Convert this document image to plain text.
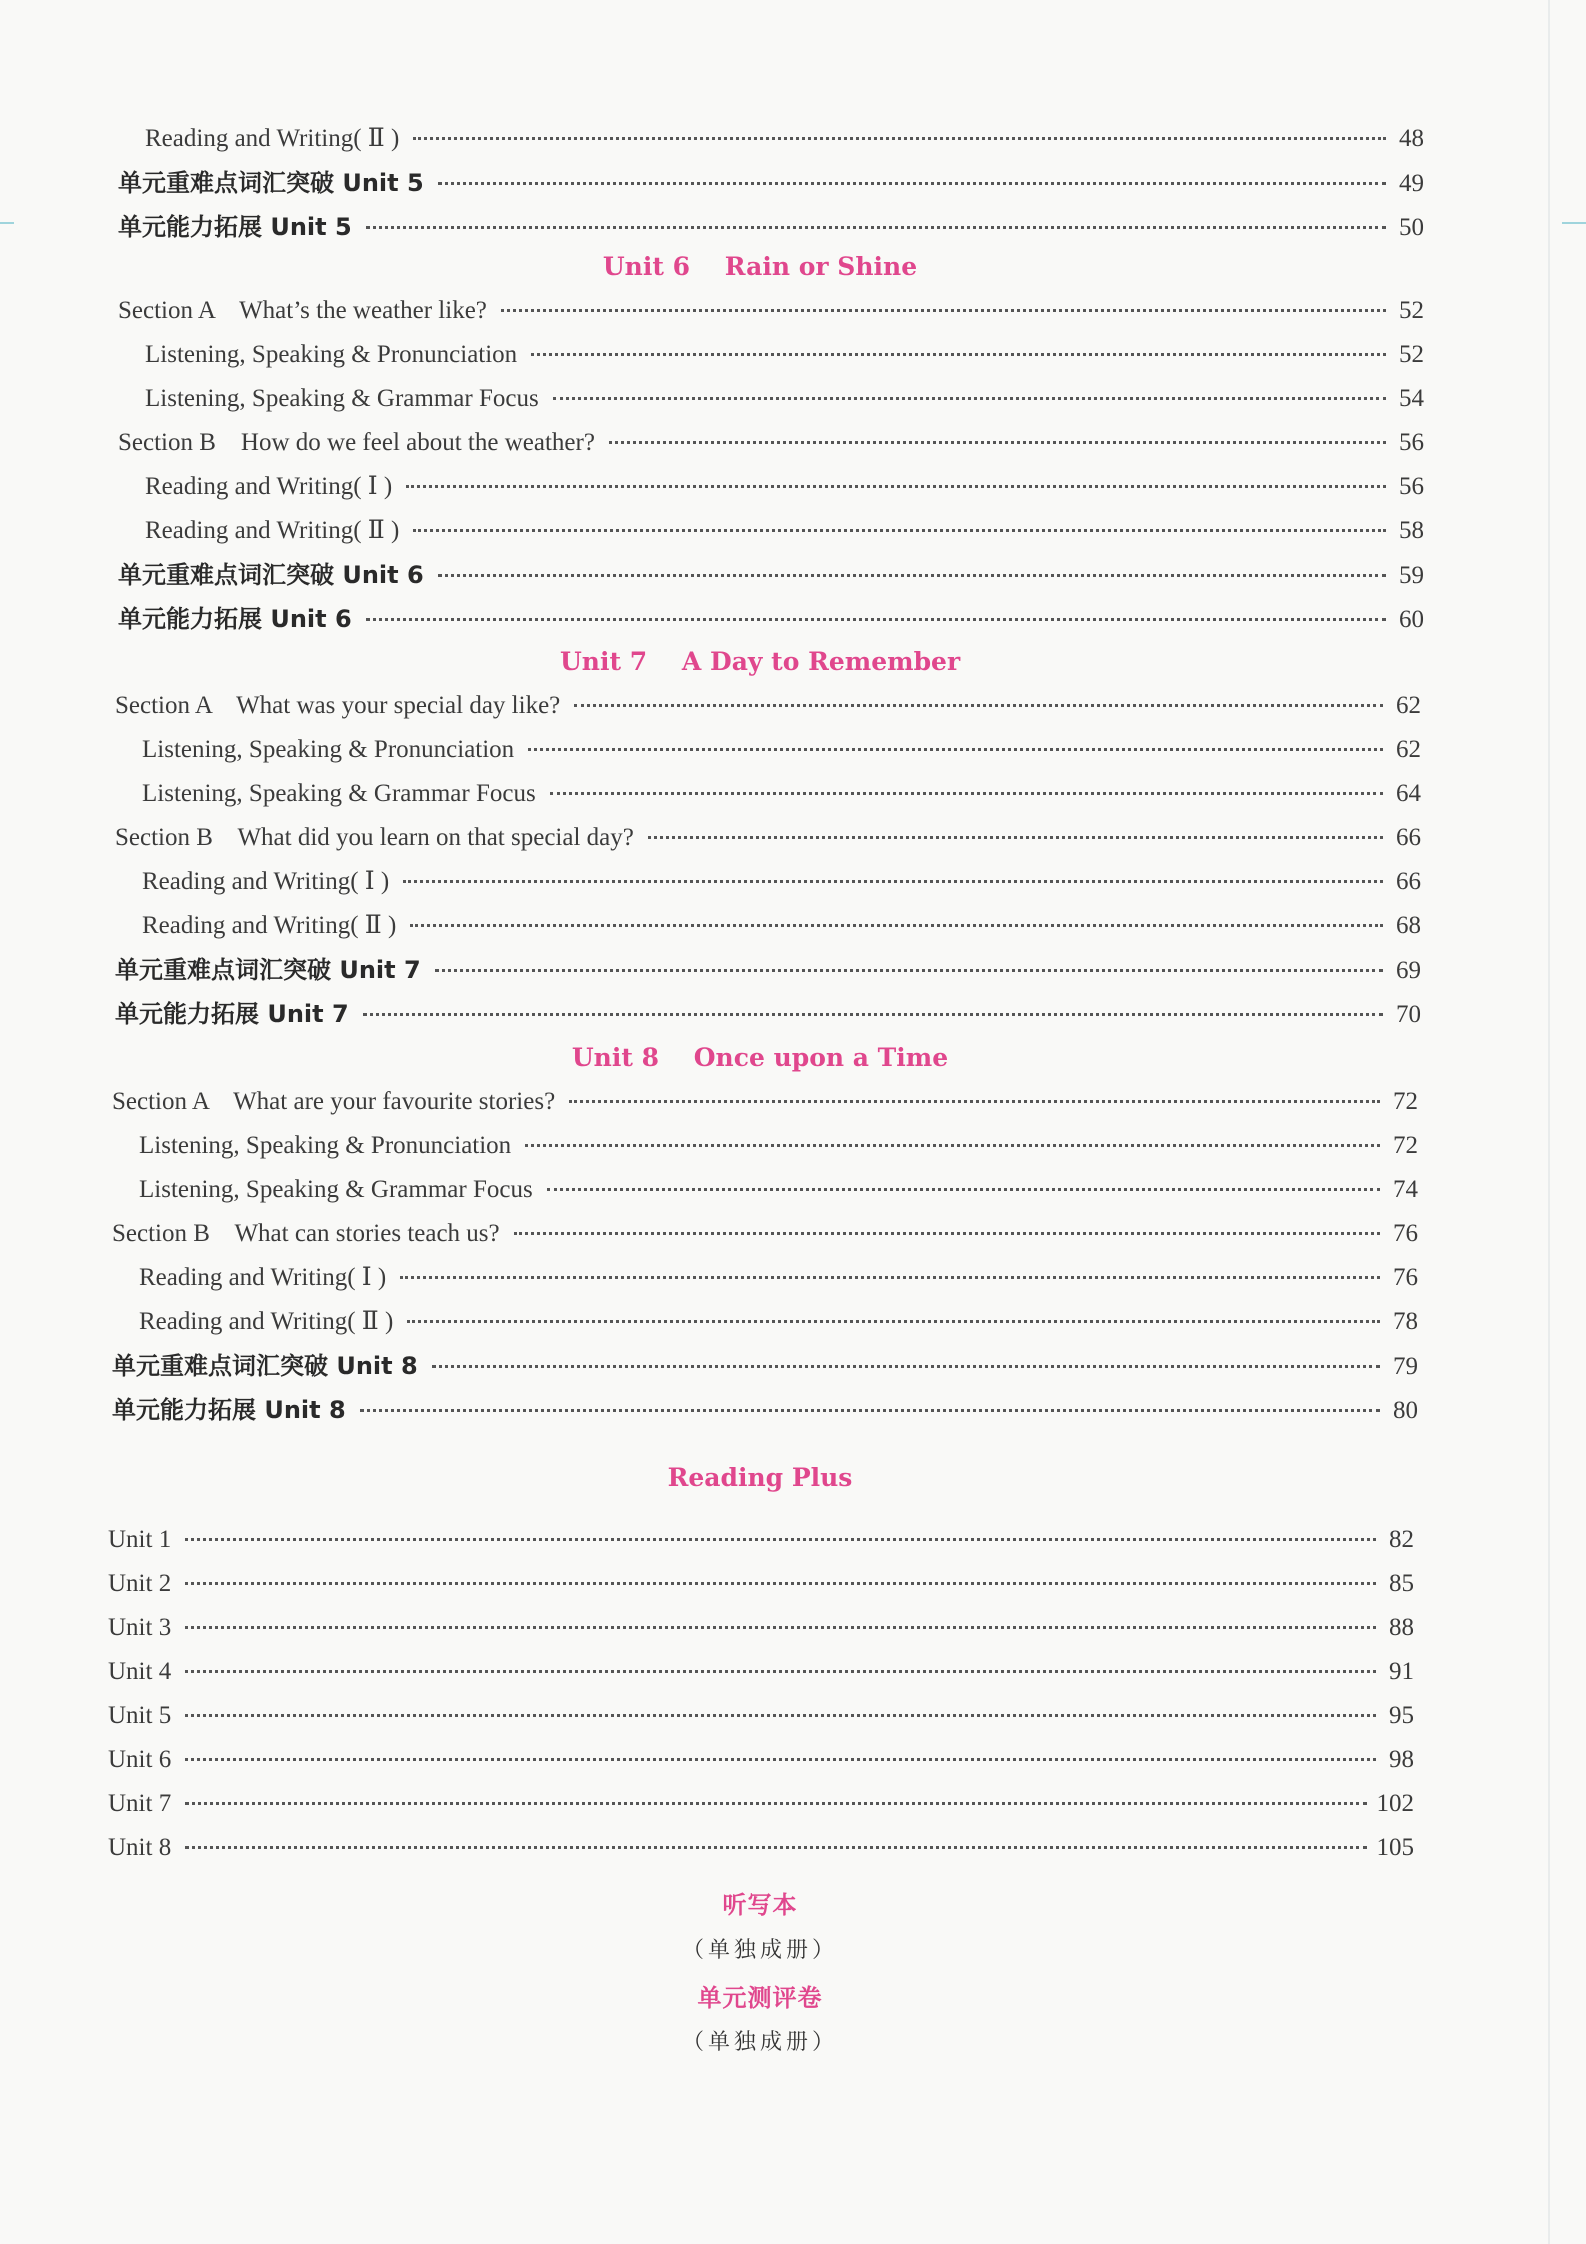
Reading and Writing( Ⅱ )	48
单元重难点词汇突破 Unit 5	49
单元能力拓展 Unit 5	50
Unit 6    Rain or Shine
Section A    What’s the weather like?	52
Listening, Speaking & Pronunciation	52
Listening, Speaking & Grammar Focus	54
Section B    How do we feel about the weather?	56
Reading and Writing( Ⅰ )	56
Reading and Writing( Ⅱ )	58
单元重难点词汇突破 Unit 6	59
单元能力拓展 Unit 6	60
Unit 7    A Day to Remember
Section A    What was your special day like?	62
Listening, Speaking & Pronunciation	62
Listening, Speaking & Grammar Focus	64
Section B    What did you learn on that special day?	66
Reading and Writing( Ⅰ )	66
Reading and Writing( Ⅱ )	68
单元重难点词汇突破 Unit 7	69
单元能力拓展 Unit 7	70
Unit 8    Once upon a Time
Section A    What are your favourite stories?	72
Listening, Speaking & Pronunciation	72
Listening, Speaking & Grammar Focus	74
Section B    What can stories teach us?	76
Reading and Writing( Ⅰ )	76
Reading and Writing( Ⅱ )	78
单元重难点词汇突破 Unit 8	79
单元能力拓展 Unit 8	80
Reading Plus
Unit 1	82
Unit 2	85
Unit 3	88
Unit 4	91
Unit 5	95
Unit 6	98
Unit 7	102
Unit 8	105
听写本
（单独成册）
单元测评卷
（单独成册）
